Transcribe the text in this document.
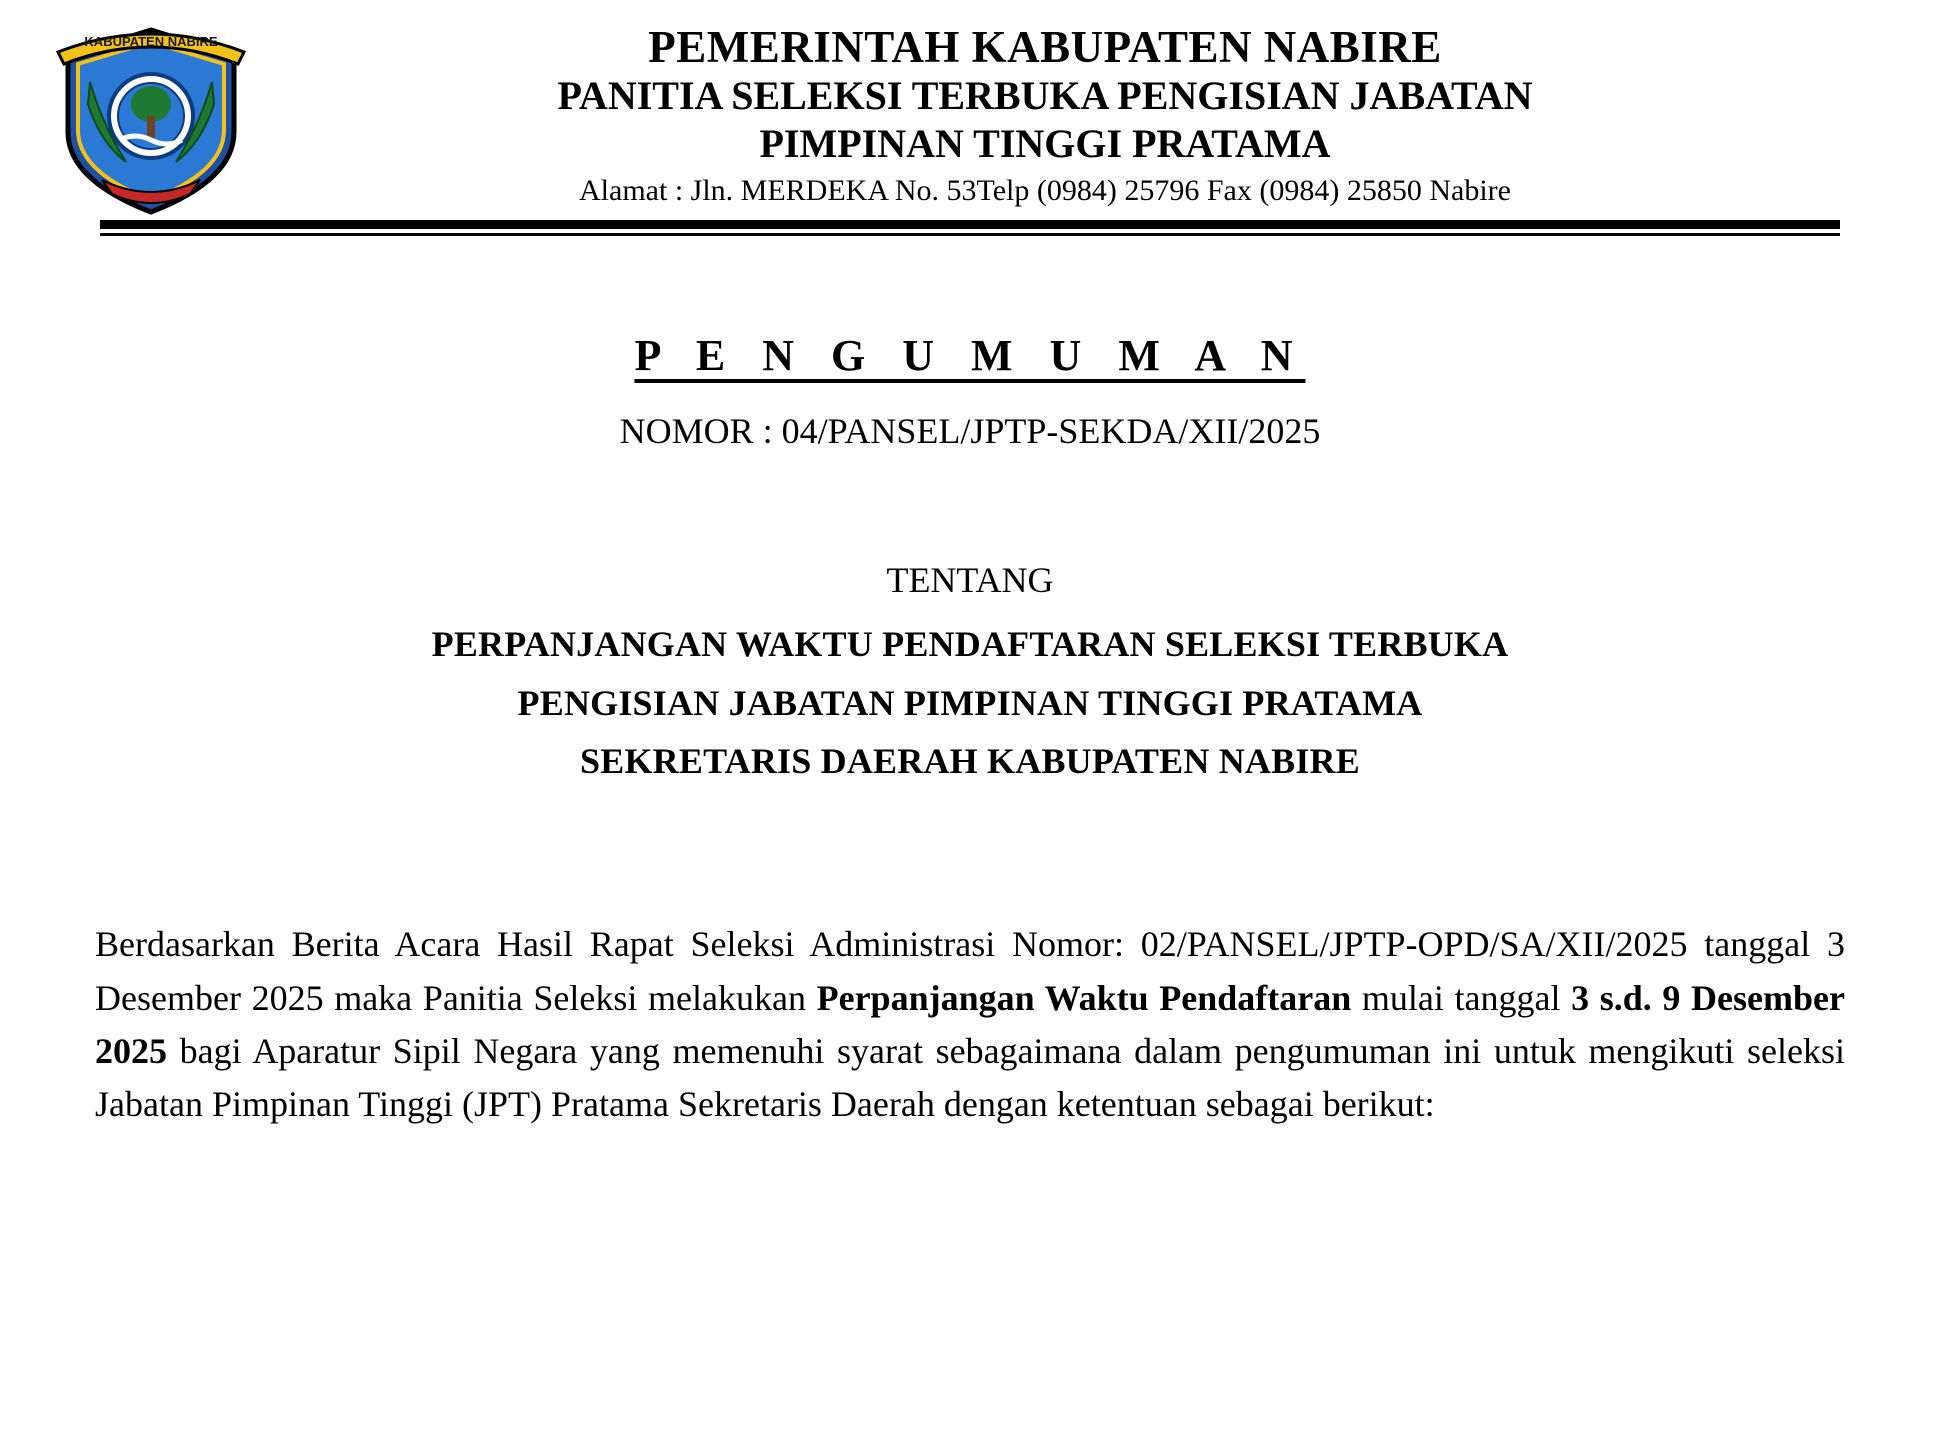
KABUPATEN NABIRE	PEMERINTAH KABUPATEN NABIRE
PANITIA SELEKSI TERBUKA PENGISIAN JABATAN
PIMPINAN TINGGI PRATAMA
Alamat : Jln. MERDEKA No. 53Telp (0984) 25796 Fax (0984) 25850 Nabire
P E N G U M U M A N
NOMOR : 04/PANSEL/JPTP-SEKDA/XII/2025
TENTANG
PERPANJANGAN WAKTU PENDAFTARAN SELEKSI TERBUKA
PENGISIAN JABATAN PIMPINAN TINGGI PRATAMA
SEKRETARIS DAERAH KABUPATEN NABIRE
Berdasarkan Berita Acara Hasil Rapat Seleksi Administrasi Nomor: 02/PANSEL/JPTP-OPD/SA/XII/2025 tanggal 3 Desember 2025 maka Panitia Seleksi melakukan Perpanjangan Waktu Pendaftaran mulai tanggal 3 s.d. 9 Desember 2025 bagi Aparatur Sipil Negara yang memenuhi syarat sebagaimana dalam pengumuman ini untuk mengikuti seleksi Jabatan Pimpinan Tinggi (JPT) Pratama Sekretaris Daerah dengan ketentuan sebagai berikut:
